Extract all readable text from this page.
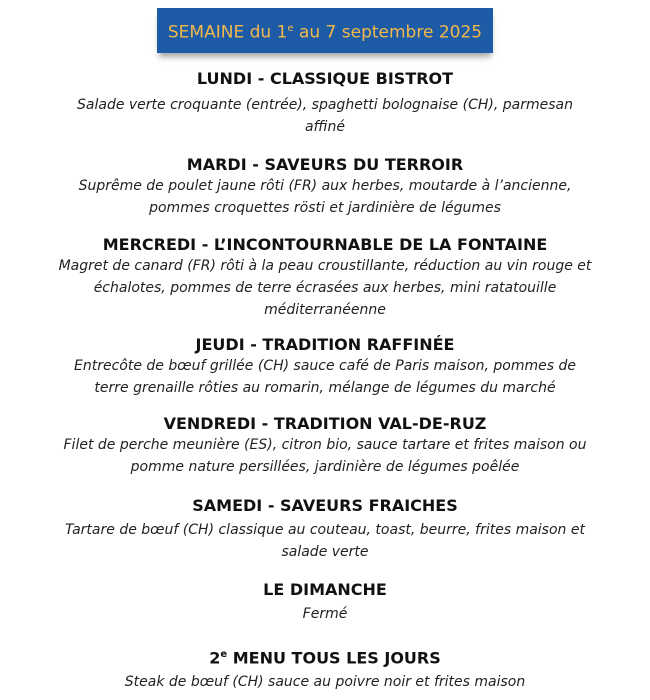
SEMAINE du 1e au 7 septembre 2025
LUNDI - CLASSIQUE BISTROT
Salade verte croquante (entrée), spaghetti bolognaise (CH), parmesan
affiné
MARDI - SAVEURS DU TERROIR
Suprême de poulet jaune rôti (FR) aux herbes, moutarde à l’ancienne,
pommes croquettes rösti et jardinière de légumes
MERCREDI - L’INCONTOURNABLE DE LA FONTAINE
Magret de canard (FR) rôti à la peau croustillante, réduction au vin rouge et
échalotes, pommes de terre écrasées aux herbes, mini ratatouille
méditerranéenne
JEUDI - TRADITION RAFFINÉE
Entrecôte de bœuf grillée (CH) sauce café de Paris maison, pommes de
terre grenaille rôties au romarin, mélange de légumes du marché
VENDREDI - TRADITION VAL-DE-RUZ
Filet de perche meunière (ES), citron bio, sauce tartare et frites maison ou
pomme nature persillées, jardinière de légumes poêlée
SAMEDI - SAVEURS FRAICHES
Tartare de bœuf (CH) classique au couteau, toast, beurre, frites maison et
salade verte
LE DIMANCHE
Fermé
2e MENU TOUS LES JOURS
Steak de bœuf (CH) sauce au poivre noir et frites maison
